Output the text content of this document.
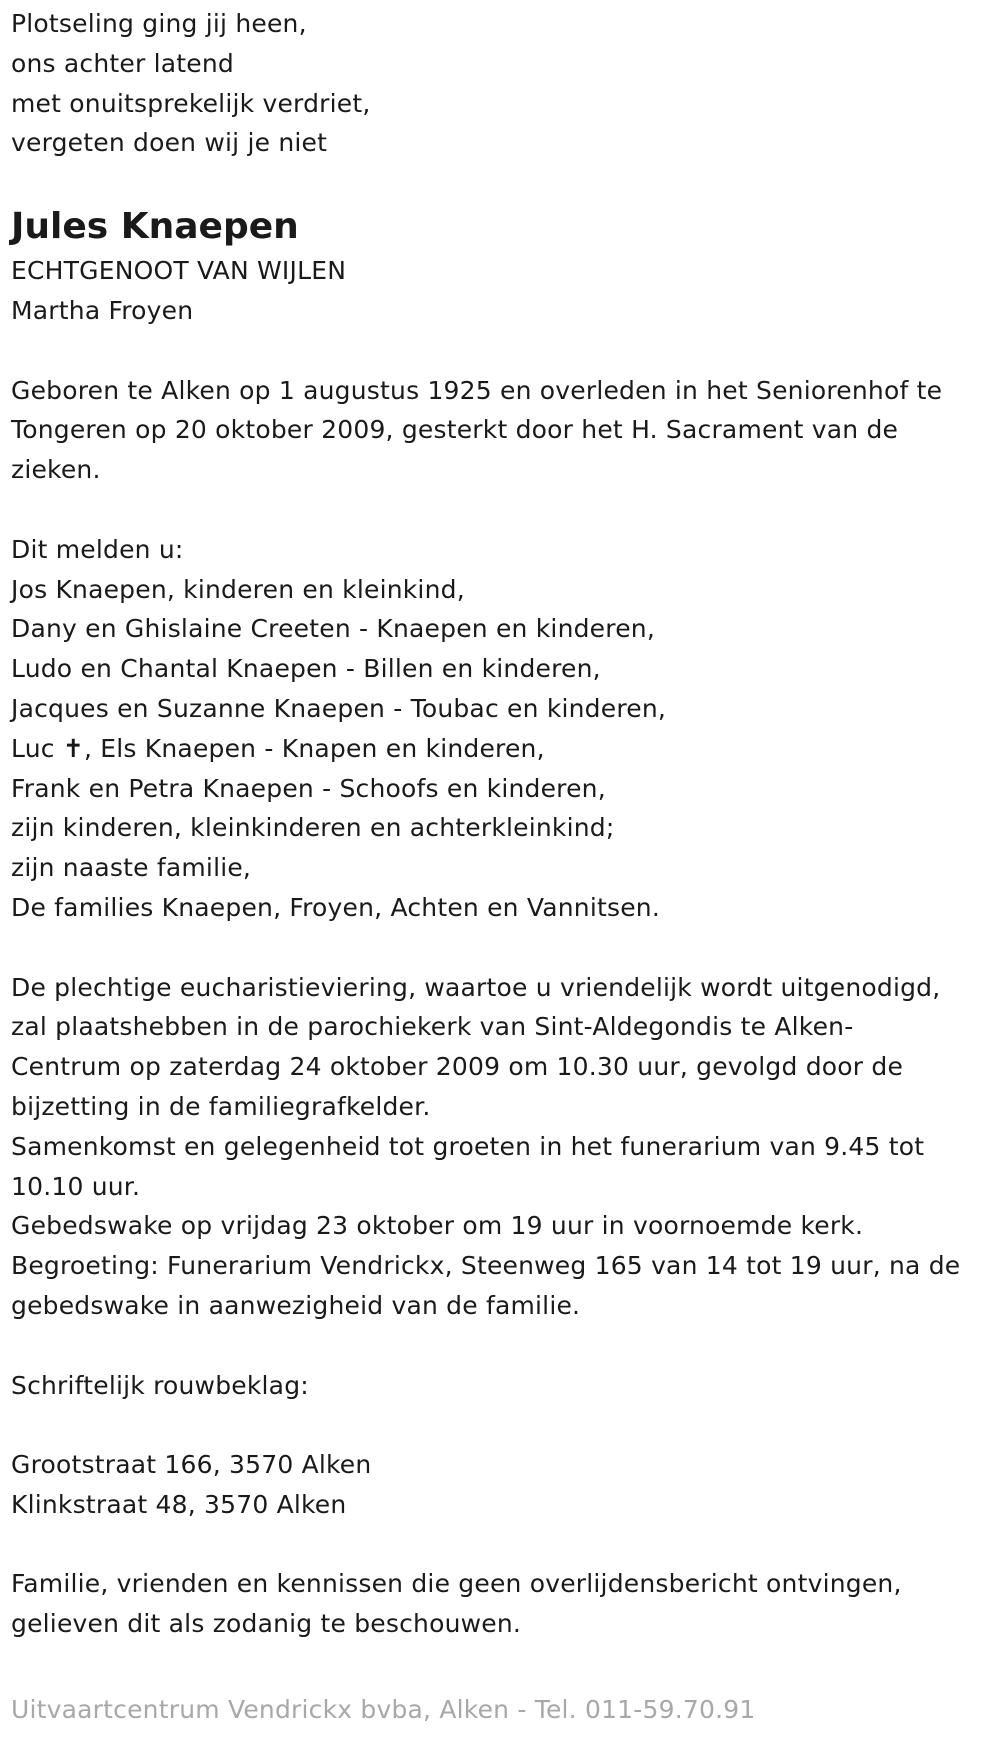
Plotseling ging jij heen,
ons achter latend
met onuitsprekelijk verdriet,
vergeten doen wij je niet
Jules Knaepen
ECHTGENOOT VAN WIJLEN
Martha Froyen
Geboren te Alken op 1 augustus 1925 en overleden in het Seniorenhof te
Tongeren op 20 oktober 2009, gesterkt door het H. Sacrament van de
zieken.
Dit melden u:
Jos Knaepen, kinderen en kleinkind,
Dany en Ghislaine Creeten - Knaepen en kinderen,
Ludo en Chantal Knaepen - Billen en kinderen,
Jacques en Suzanne Knaepen - Toubac en kinderen,
Luc ✝, Els Knaepen - Knapen en kinderen,
Frank en Petra Knaepen - Schoofs en kinderen,
zijn kinderen, kleinkinderen en achterkleinkind;
zijn naaste familie,
De families Knaepen, Froyen, Achten en Vannitsen.
De plechtige eucharistieviering, waartoe u vriendelijk wordt uitgenodigd,
zal plaatshebben in de parochiekerk van Sint-Aldegondis te Alken-
Centrum op zaterdag 24 oktober 2009 om 10.30 uur, gevolgd door de
bijzetting in de familiegrafkelder.
Samenkomst en gelegenheid tot groeten in het funerarium van 9.45 tot
10.10 uur.
Gebedswake op vrijdag 23 oktober om 19 uur in voornoemde kerk.
Begroeting: Funerarium Vendrickx, Steenweg 165 van 14 tot 19 uur, na de
gebedswake in aanwezigheid van de familie.
Schriftelijk rouwbeklag:
Grootstraat 166, 3570 Alken
Klinkstraat 48, 3570 Alken
Familie, vrienden en kennissen die geen overlijdensbericht ontvingen,
gelieven dit als zodanig te beschouwen.
Uitvaartcentrum Vendrickx bvba, Alken - Tel. 011-59.70.91
